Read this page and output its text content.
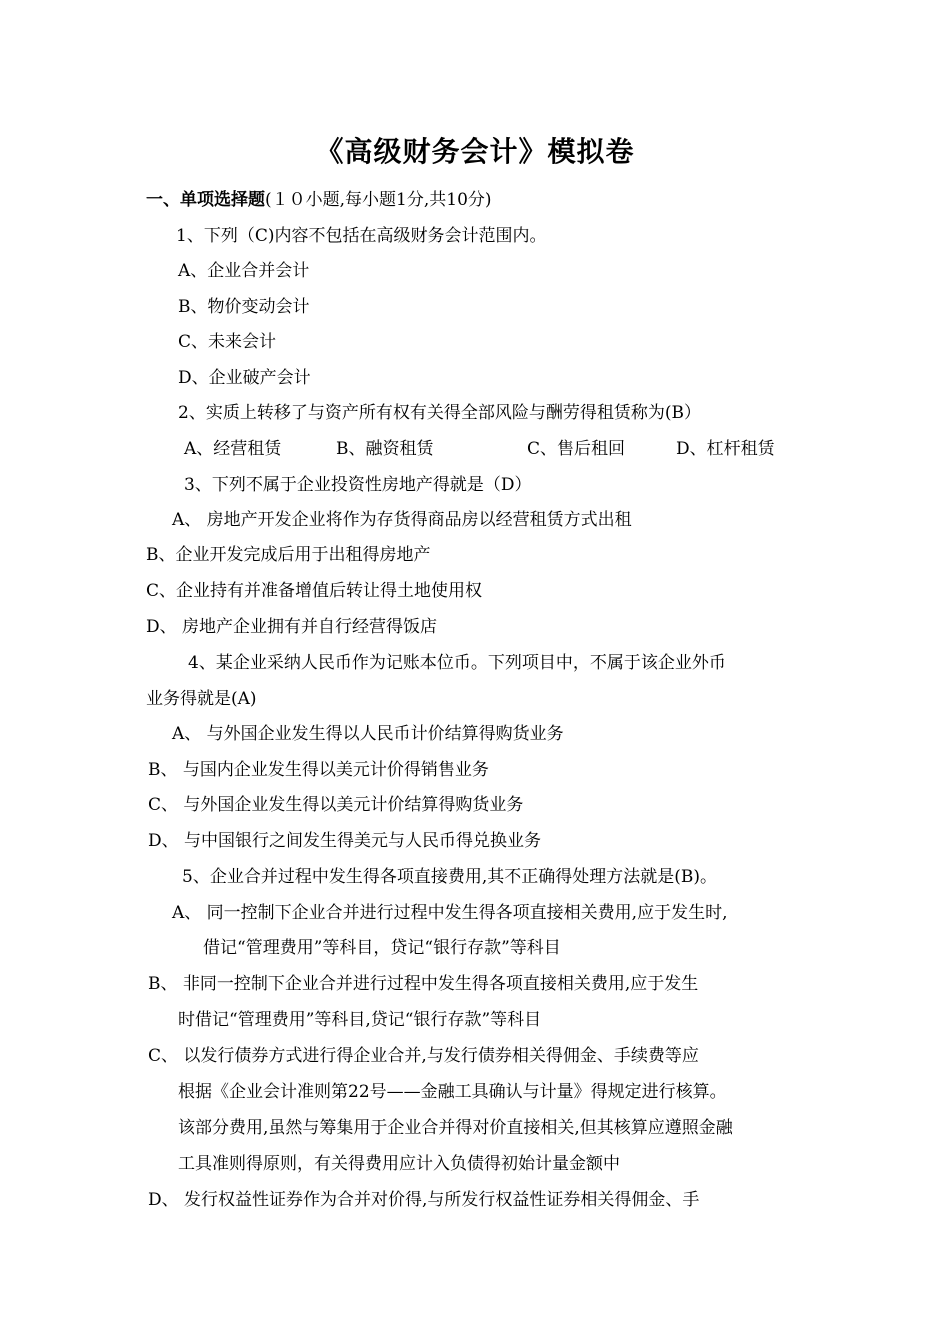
《高级财务会计》模拟卷
一、单项选择题(１０小题,每小题1分,共10分)
1、下列（C)内容不包括在高级财务会计范围内。
A、企业合并会计
B、物价变动会计
C、未来会计
D、企业破产会计
2、实质上转移了与资产所有权有关得全部风险与酬劳得租赁称为(B）
A、经营租赁	B、融资租赁	C、售后租回	D、杠杆租赁
3、下列不属于企业投资性房地产得就是（D）
A、 房地产开发企业将作为存货得商品房以经营租赁方式出租
B、企业开发完成后用于出租得房地产
C、企业持有并准备增值后转让得土地使用权
D、 房地产企业拥有并自行经营得饭店
4、某企业采纳人民币作为记账本位币。下列项目中，不属于该企业外币
业务得就是(A)
A、 与外国企业发生得以人民币计价结算得购货业务
B、 与国内企业发生得以美元计价得销售业务
C、 与外国企业发生得以美元计价结算得购货业务
D、 与中国银行之间发生得美元与人民币得兑换业务
5、企业合并过程中发生得各项直接费用,其不正确得处理方法就是(B)。
A、 同一控制下企业合并进行过程中发生得各项直接相关费用,应于发生时,
借记“管理费用”等科目，贷记“银行存款”等科目
B、 非同一控制下企业合并进行过程中发生得各项直接相关费用,应于发生
时借记“管理费用”等科目,贷记“银行存款”等科目
C、 以发行债券方式进行得企业合并,与发行债券相关得佣金、手续费等应
根据《企业会计准则第22号——金融工具确认与计量》得规定进行核算。
该部分费用,虽然与筹集用于企业合并得对价直接相关,但其核算应遵照金融
工具准则得原则，有关得费用应计入负债得初始计量金额中
D、 发行权益性证券作为合并对价得,与所发行权益性证券相关得佣金、手
